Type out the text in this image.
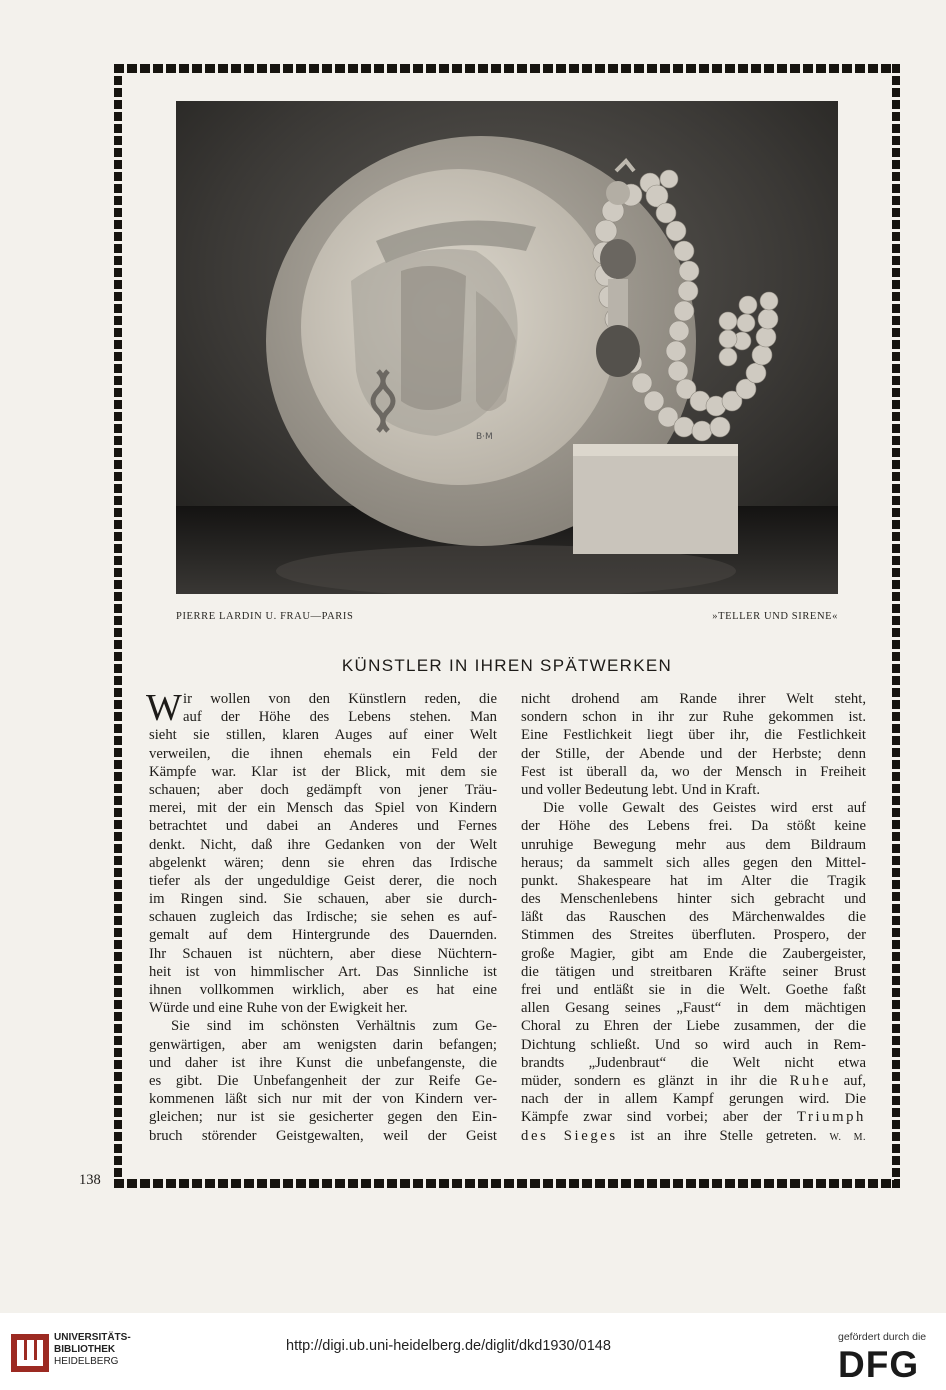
B·M
PIERRE LARDIN U. FRAU—PARIS	»TELLER UND SIRENE«
KÜNSTLER IN IHREN SPÄTWERKEN
W ir wollen von den Künstlern reden, die
auf der Höhe des Lebens stehen. Man
sieht sie stillen, klaren Auges auf einer Welt
verweilen, die ihnen ehemals ein Feld der
Kämpfe war. Klar ist der Blick, mit dem sie
schauen; aber doch gedämpft von jener Träu-
merei, mit der ein Mensch das Spiel von Kindern
betrachtet und dabei an Anderes und Fernes
denkt. Nicht, daß ihre Gedanken von der Welt
abgelenkt wären; denn sie ehren das Irdische
tiefer als der ungeduldige Geist derer, die noch
im Ringen sind. Sie schauen, aber sie durch-
schauen zugleich das Irdische; sie sehen es auf-
gemalt auf dem Hintergrunde des Dauernden.
Ihr Schauen ist nüchtern, aber diese Nüchtern-
heit ist von himmlischer Art. Das Sinnliche ist
ihnen vollkommen wirklich, aber es hat eine
Würde und eine Ruhe von der Ewigkeit her.
Sie sind im schönsten Verhältnis zum Ge-
genwärtigen, aber am wenigsten darin befangen;
und daher ist ihre Kunst die unbefangenste, die
es gibt. Die Unbefangenheit der zur Reife Ge-
kommenen läßt sich nur mit der von Kindern ver-
gleichen; nur ist sie gesicherter gegen den Ein-
bruch störender Geistgewalten, weil der Geist
nicht drohend am Rande ihrer Welt steht,
sondern schon in ihr zur Ruhe gekommen ist.
Eine Festlichkeit liegt über ihr, die Festlichkeit
der Stille, der Abende und der Herbste; denn
Fest ist überall da, wo der Mensch in Freiheit
und voller Bedeutung lebt. Und in Kraft.
Die volle Gewalt des Geistes wird erst auf
der Höhe des Lebens frei. Da stößt keine
unruhige Bewegung mehr aus dem Bildraum
heraus; da sammelt sich alles gegen den Mittel-
punkt. Shakespeare hat im Alter die Tragik
des Menschenlebens hinter sich gebracht und
läßt das Rauschen des Märchenwaldes die
Stimmen des Streites überfluten. Prospero, der
große Magier, gibt am Ende die Zaubergeister,
die tätigen und streitbaren Kräfte seiner Brust
frei und entläßt sie in die Welt. Goethe faßt
allen Gesang seines „Faust“ in dem mächtigen
Choral zu Ehren der Liebe zusammen, der die
Dichtung schließt. Und so wird auch in Rem-
brandts „Judenbraut“ die Welt nicht etwa
müder, sondern es glänzt in ihr die Ruhe auf,
nach der in allem Kampf gerungen wird. Die
Kämpfe zwar sind vorbei; aber der Triumph
des Sieges ist an ihre Stelle getreten. W. M.
138
UNIVERSITÄTS-
BIBLIOTHEK
HEIDELBERG
http://digi.ub.uni-heidelberg.de/diglit/dkd1930/0148
gefördert durch die
DFG
